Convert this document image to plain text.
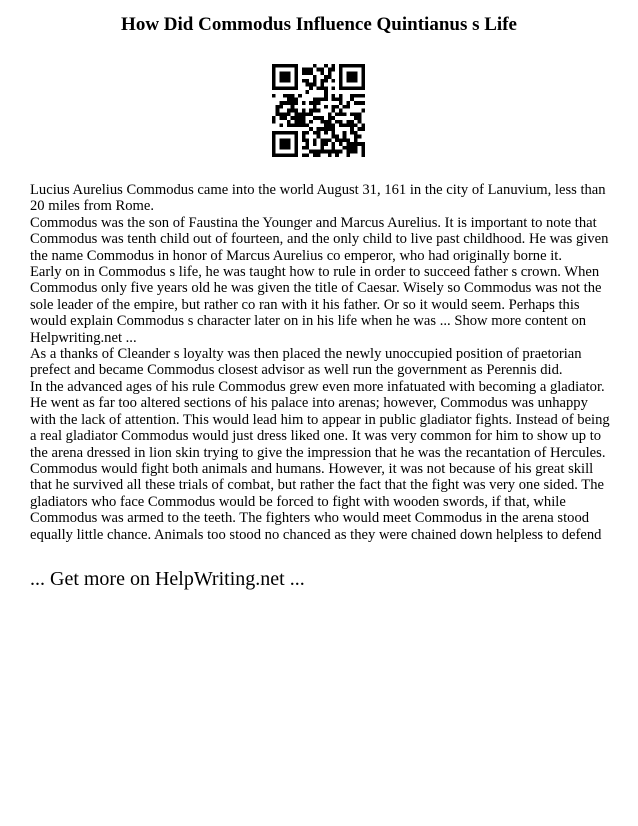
How Did Commodus Influence Quintianus s Life

Lucius Aurelius Commodus came into the world August 31, 161 in the city of Lanuvium, less than 20 miles from Rome.

Commodus was the son of Faustina the Younger and Marcus Aurelius. It is important to note that Commodus was tenth child out of fourteen, and the only child to live past childhood. He was given the name Commodus in honor of Marcus Aurelius co emperor, who had originally borne it.

Early on in Commodus s life, he was taught how to rule in order to succeed father s crown. When Commodus only five years old he was given the title of Caesar. Wisely so Commodus was not the sole leader of the empire, but rather co ran with it his father. Or so it would seem. Perhaps this would explain Commodus s character later on in his life when he was ... Show more content on Helpwriting.net ...

As a thanks of Cleander s loyalty was then placed the newly unoccupied position of praetorian prefect and became Commodus closest advisor as well run the government as Perennis did.

In the advanced ages of his rule Commodus grew even more infatuated with becoming a gladiator. He went as far too altered sections of his palace into arenas; however, Commodus was unhappy with the lack of attention. This would lead him to appear in public gladiator fights. Instead of being a real gladiator Commodus would just dress liked one. It was very common for him to show up to the arena dressed in lion skin trying to give the impression that he was the recantation of Hercules. Commodus would fight both animals and humans. However, it was not because of his great skill that he survived all these trials of combat, but rather the fact that the fight was very one sided. The gladiators who face Commodus would be forced to fight with wooden swords, if that, while Commodus was armed to the teeth. The fighters who would meet Commodus in the arena stood equally little chance. Animals too stood no chanced as they were chained down helpless to defend

... Get more on HelpWriting.net ...
